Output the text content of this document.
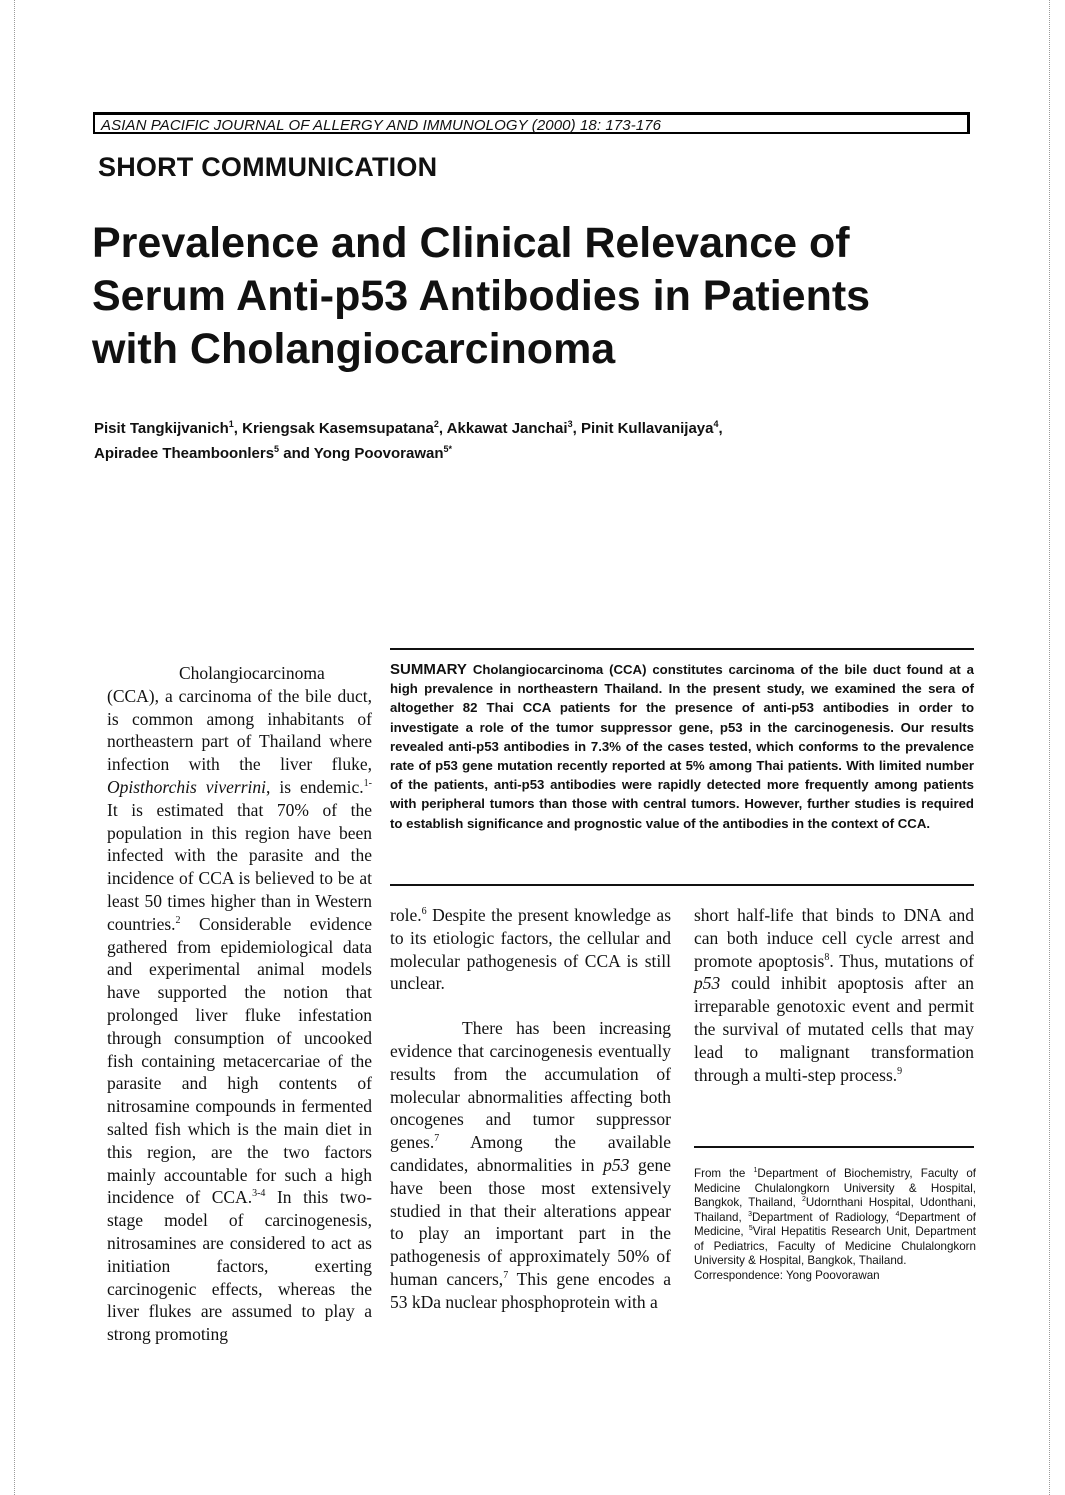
ASIAN PACIFIC JOURNAL OF ALLERGY AND IMMUNOLOGY (2000) 18: 173-176
SHORT COMMUNICATION
Prevalence and Clinical Relevance of
Serum Anti-p53 Antibodies in Patients
with Cholangiocarcinoma
Pisit Tangkijvanich$^1$, Kriengsak Kasemsupatana$^2$, Akkawat Janchai$^3$, Pinit Kullavanijaya$^4$,
Apiradee Theamboonlers$^5$ and Yong Poovorawan$^{5*}$
SUMMARY Cholangiocarcinoma (CCA) constitutes carcinoma of the bile duct found at a high prevalence in northeastern Thailand. In the present study, we examined the sera of altogether 82 Thai CCA patients for the presence of anti-p53 antibodies in order to investigate a role of the tumor suppressor gene, p53 in the carcinogenesis. Our results revealed anti-p53 antibodies in 7.3% of the cases tested, which conforms to the prevalence rate of p53 gene mutation recently reported at 5% among Thai patients. With limited number of the patients, anti-p53 antibodies were rapidly detected more frequently among patients with peripheral tumors than those with central tumors. However, further studies is required to establish significance and prognostic value of the antibodies in the context of CCA.

Cholangiocarcinoma (CCA), a carcinoma of the bile duct, is common among inhabitants of northeastern part of Thailand where infection with the liver fluke, Opisthorchis viverrini, is endemic.$^{1-}$ It is estimated that 70% of the population in this region have been infected with the parasite and the incidence of CCA is believed to be at least 50 times higher than in Western countries.$^2$ Considerable evidence gathered from epidemiological data and experimental animal models have supported the notion that prolonged liver fluke infestation through consumption of uncooked fish containing metacercariae of the parasite and high contents of nitrosamine compounds in fermented salted fish which is the main diet in this region, are the two factors mainly accountable for such a high incidence of CCA.$^{3-4}$ In this two-stage model of carcinogenesis, nitrosamines are considered to act as initiation factors, exerting carcinogenic effects, whereas the liver flukes are assumed to play a strong promoting

role.$^6$ Despite the present knowledge as to its etiologic factors, the cellular and molecular pathogenesis of CCA is still unclear.

There has been increasing evidence that carcinogenesis eventually results from the accumulation of molecular abnormalities affecting both oncogenes and tumor suppressor genes.$^7$ Among the available candidates, abnormalities in p53 gene have been those most extensively studied in that their alterations appear to play an important part in the pathogenesis of approximately 50% of human cancers,$^7$ This gene encodes a 53 kDa nuclear phosphoprotein with a

short half-life that binds to DNA and can both induce cell cycle arrest and promote apoptosis$^8$. Thus, mutations of p53 could inhibit apoptosis after an irreparable genotoxic event and permit the survival of mutated cells that may lead to malignant transformation through a multi-step process.$^9$

From the $^1$Department of Biochemistry, Faculty of Medicine Chulalongkorn University & Hospital, Bangkok, Thailand, $^2$Udornthani Hospital, Udonthani, Thailand, $^3$Department of Radiology, $^4$Department of Medicine, $^5$Viral Hepatitis Research Unit, Department of Pediatrics, Faculty of Medicine Chulalongkorn University & Hospital, Bangkok, Thailand.

Correspondence: Yong Poovorawan
